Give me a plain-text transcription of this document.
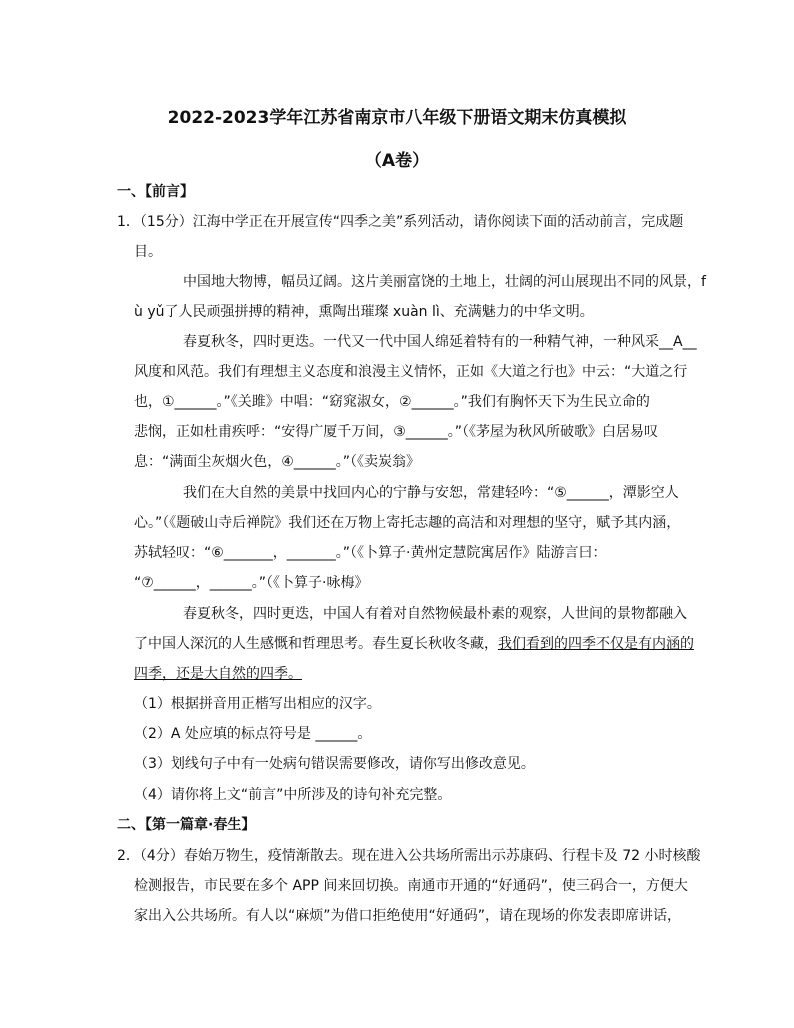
2022-2023学年江苏省南京市八年级下册语文期末仿真模拟
（A卷）
一、【前言】
1．（15分）江海中学正在开展宣传“四季之美”系列活动，请你阅读下面的活动前言，完成题
目。
中国地大物博，幅员辽阔。这片美丽富饶的土地上，壮阔的河山展现出不同的风景，f
ù yǔ了人民顽强拼搏的精神，熏陶出璀璨 xuàn lì、充满魅力的中华文明。
春夏秋冬，四时更迭。一代又一代中国人绵延着特有的一种精气神，一种风采__A__
风度和风范。我们有理想主义态度和浪漫主义情怀，正如《大道之行也》中云：“大道之行
也，①______。”《关雎》中唱：“窈窕淑女，②______。”我们有胸怀天下为生民立命的
悲悯，正如杜甫疾呼：“安得广厦千万间，③______。”（《茅屋为秋风所破歌》白居易叹
息：“满面尘灰烟火色，④______。”（《卖炭翁》
我们在大自然的美景中找回内心的宁静与安恕，常建轻吟：“⑤______，潭影空人
心。”（《题破山寺后禅院》我们还在万物上寄托志趣的高洁和对理想的坚守，赋予其内涵，
苏轼轻叹：“⑥_______，_______。”（《卜算子·黄州定慧院寓居作》陆游言曰：
“⑦______，______。”（《卜算子·咏梅》
春夏秋冬，四时更迭，中国人有着对自然物候最朴素的观察，人世间的景物都融入
了中国人深沉的人生感慨和哲理思考。春生夏长秋收冬藏，我们看到的四季不仅是有内涵的
四季，还是大自然的四季。
（1）根据拼音用正楷写出相应的汉字。
（2）A 处应填的标点符号是 ______。
（3）划线句子中有一处病句错误需要修改，请你写出修改意见。
（4）请你将上文“前言”中所涉及的诗句补充完整。
二、【第一篇章·春生】
2．（4分）春始万物生，疫情渐散去。现在进入公共场所需出示苏康码、行程卡及 72 小时核酸
检测报告，市民要在多个 APP 间来回切换。南通市开通的“好通码”，使三码合一，方便大
家出入公共场所。有人以“麻烦”为借口拒绝使用“好通码”，请在现场的你发表即席讲话，
